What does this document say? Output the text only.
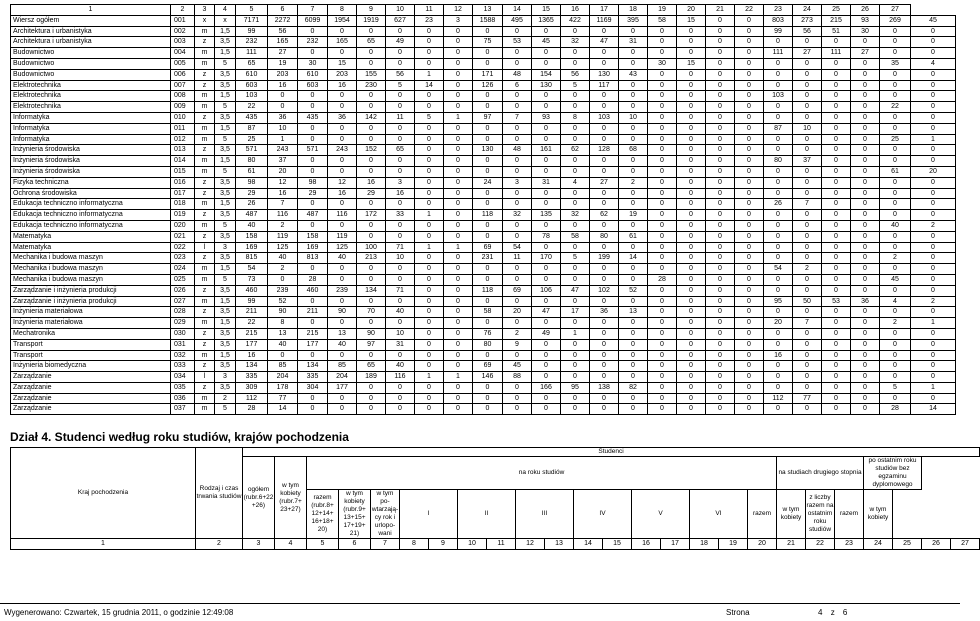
1	2	3	4	5	6	7	8	9	10	11	12	13	14	15	16	17	18	19	20	21	22	23	24	25	26	27	
Wiersz ogółem	001	x	x	7171	2272	6099	1954	1919	627	23	3	1588	495	1365	422	1169	395	58	15	0	0	803	273	215	93	269	45
Architektura i urbanistyka	002	m	1,5	99	56	0	0	0	0	0	0	0	0	0	0	0	0	0	0	0	0	99	56	51	30	0	0
Architektura i urbanistyka	003	z	3,5	232	165	232	165	65	49	0	0	75	53	45	32	47	31	0	0	0	0	0	0	0	0	0	0
Budownictwo	004	m	1,5	111	27	0	0	0	0	0	0	0	0	0	0	0	0	0	0	0	0	111	27	111	27	0	0
Budownictwo	005	m	5	65	19	30	15	0	0	0	0	0	0	0	0	0	0	30	15	0	0	0	0	0	0	35	4
Budownictwo	006	z	3,5	610	203	610	203	155	56	1	0	171	48	154	56	130	43	0	0	0	0	0	0	0	0	0	0
Elektrotechnika	007	z	3,5	603	16	603	16	230	5	14	0	126	6	130	5	117	0	0	0	0	0	0	0	0	0	0	0
Elektrotechnika	008	m	1,5	103	0	0	0	0	0	0	0	0	0	0	0	0	0	0	0	0	0	103	0	0	0	0	0
Elektrotechnika	009	m	5	22	0	0	0	0	0	0	0	0	0	0	0	0	0	0	0	0	0	0	0	0	0	22	0
Informatyka	010	z	3,5	435	36	435	36	142	11	5	1	97	7	93	8	103	10	0	0	0	0	0	0	0	0	0	0
Informatyka	011	m	1,5	87	10	0	0	0	0	0	0	0	0	0	0	0	0	0	0	0	0	87	10	0	0	0	0
Informatyka	012	m	5	25	1	0	0	0	0	0	0	0	0	0	0	0	0	0	0	0	0	0	0	0	0	25	1
Inżynieria środowiska	013	z	3,5	571	243	571	243	152	65	0	0	130	48	161	62	128	68	0	0	0	0	0	0	0	0	0	0
Inżynieria środowiska	014	m	1,5	80	37	0	0	0	0	0	0	0	0	0	0	0	0	0	0	0	0	80	37	0	0	0	0
Inżynieria środowiska	015	m	5	61	20	0	0	0	0	0	0	0	0	0	0	0	0	0	0	0	0	0	0	0	0	61	20
Fizyka techniczna	016	z	3,5	98	12	98	12	16	3	0	0	24	3	31	4	27	2	0	0	0	0	0	0	0	0	0	0
Ochrona środowiska	017	z	3,5	29	16	29	16	29	16	0	0	0	0	0	0	0	0	0	0	0	0	0	0	0	0	0	0
Edukacja techniczno informatyczna	018	m	1,5	26	7	0	0	0	0	0	0	0	0	0	0	0	0	0	0	0	0	26	7	0	0	0	0
Edukacja techniczno informatyczna	019	z	3,5	487	116	487	116	172	33	1	0	118	32	135	32	62	19	0	0	0	0	0	0	0	0	0	0
Edukacja techniczno informatyczna	020	m	5	40	2	0	0	0	0	0	0	0	0	0	0	0	0	0	0	0	0	0	0	0	0	40	2
Matematyka	021	z	3,5	158	119	158	119	0	0	0	0	0	0	78	58	80	61	0	0	0	0	0	0	0	0	0	0
Matematyka	022	l	3	169	125	169	125	100	71	1	1	69	54	0	0	0	0	0	0	0	0	0	0	0	0	0	0
Mechanika i budowa maszyn	023	z	3,5	815	40	813	40	213	10	0	0	231	11	170	5	199	14	0	0	0	0	0	0	0	0	2	0
Mechanika i budowa maszyn	024	m	1,5	54	2	0	0	0	0	0	0	0	0	0	0	0	0	0	0	0	0	54	2	0	0	0	0
Mechanika i budowa maszyn	025	m	5	73	0	28	0	0	0	0	0	0	0	0	0	0	0	28	0	0	0	0	0	0	0	45	0
Zarządzanie i inżynieria produkcji	026	z	3,5	460	239	460	239	134	71	0	0	118	69	106	47	102	52	0	0	0	0	0	0	0	0	0	0
Zarządzanie i inżynieria produkcji	027	m	1,5	99	52	0	0	0	0	0	0	0	0	0	0	0	0	0	0	0	0	95	50	53	36	4	2
Inżynieria materiałowa	028	z	3,5	211	90	211	90	70	40	0	0	58	20	47	17	36	13	0	0	0	0	0	0	0	0	0	0
Inżynieria materiałowa	029	m	1,5	22	8	0	0	0	0	0	0	0	0	0	0	0	0	0	0	0	0	20	7	0	0	2	1
Mechatronika	030	z	3,5	215	13	215	13	90	10	0	0	76	2	49	1	0	0	0	0	0	0	0	0	0	0	0	0
Transport	031	z	3,5	177	40	177	40	97	31	0	0	80	9	0	0	0	0	0	0	0	0	0	0	0	0	0	0
Transport	032	m	1,5	16	0	0	0	0	0	0	0	0	0	0	0	0	0	0	0	0	0	16	0	0	0	0	0
Inżynieria biomedyczna	033	z	3,5	134	85	134	85	65	40	0	0	69	45	0	0	0	0	0	0	0	0	0	0	0	0	0	0
Zarządzanie	034	l	3	335	204	335	204	189	116	1	1	146	88	0	0	0	0	0	0	0	0	0	0	0	0	0	0
Zarządzanie	035	z	3,5	309	178	304	177	0	0	0	0	0	0	166	95	138	82	0	0	0	0	0	0	0	0	5	1
Zarządzanie	036	m	2	112	77	0	0	0	0	0	0	0	0	0	0	0	0	0	0	0	0	112	77	0	0	0	0
Zarządzanie	037	m	5	28	14	0	0	0	0	0	0	0	0	0	0	0	0	0	0	0	0	0	0	0	0	28	14
Dział 4. Studenci według roku studiów, krajów pochodzenia
Kraj pochodzenia	Rodzaj i czas trwania studiów	Studenci																								
		ogółem (rubr.6+22 +26)	w tym kobiety (rubr.7+ 23+27)	na roku studiów																na studiach drugiego stopnia			po ostatnim roku studiów bez egzaminu dyplomowego			
				razem (rubr.8+ 12+14+ 16+18+ 20)	w tym kobiety (rubr.9+ 13+15+ 17+19+ 21)	w tym po-wtarzają-cy rok i urlopo-wani	I		II		III		IV		V		VI		razem	w tym kobiety	z liczby razem na ostatnim roku studiów	razem	w tym kobiety			
1	2	3	4	5	6	7	8	9	10	11	12	13	14	15	16	17	18	19	20	21	22	23	24	25	26	27
Wygenerowano: Czwartek, 15 grudnia 2011, o godzinie 12:49:08	Strona	4 z 6
